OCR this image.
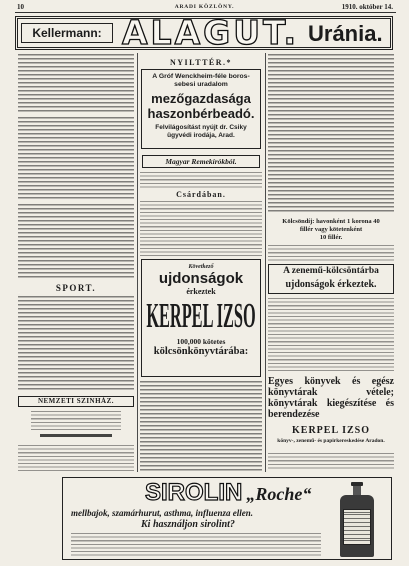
10	ARADI KÖZLÖNY.	1910. október 14.
Kellermann: ALAGUT. Uránia.
SPORT.
NEMZETI SZINHÁZ.
NYILTTÉR.*
A Gróf Wenckheim-féle boros-
sebesi uradalom
mezőgazdasága
haszonbérbeadó.
Felvilágosítást nyújt dr. Csiky
ügyvédi irodája, Arad.
Magyar Remekírókból.
Csárdában.
Következő
ujdonságok
érkeztek
KERPEL IZSO
100,000 kötetes
kölcsönkönyvtárába:
Kölcsöndíj: havonként 1 korona 40
fillér vagy kötetenként
10 fillér.
A zenemű-kölcsöntárba
ujdonságok érkeztek.
Egyes könyvek és egész könyvtárak vétele; könyvtárak kiegészítése és berendezése
KERPEL IZSO
könyv-, zenemű- és papirkereskedése Aradon.
SIROLIN „Roche“
mellbajok, szamárhurut, asthma, influenza ellen.
Ki használjon sirolint?
